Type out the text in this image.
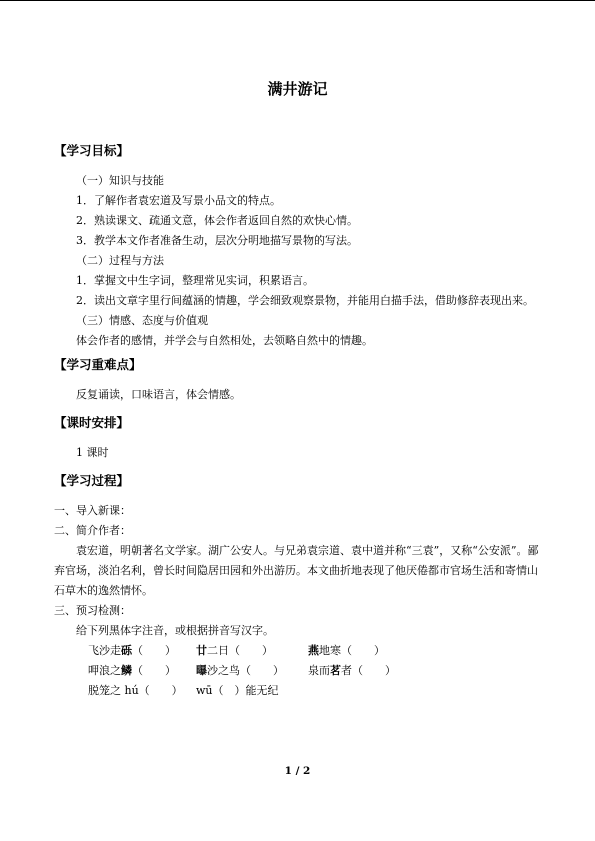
满井游记
【学习目标】
（一）知识与技能
1．了解作者袁宏道及写景小品文的特点。
2．熟读课文、疏通文意，体会作者返回自然的欢快心情。
3．教学本文作者准备生动，层次分明地描写景物的写法。
（二）过程与方法
1．掌握文中生字词，整理常见实词，积累语言。
2．读出文章字里行间蕴涵的情趣，学会细致观察景物，并能用白描手法，借助修辞表现出来。
（三）情感、态度与价值观
体会作者的感情，并学会与自然相处，去领略自然中的情趣。
【学习重难点】
反复诵读，口味语言，体会情感。
【课时安排】
1 课时
【学习过程】
一、导入新课：
二、简介作者：
袁宏道，明朝著名文学家。湖广公安人。与兄弟袁宗道、袁中道并称“三袁”，又称“公安派”。鄙弃官场，淡泊名利，曾长时间隐居田园和外出游历。本文曲折地表现了他厌倦都市官场生活和寄情山石草木的逸然情怀。
三、预习检测：
给下列黑体字注音，或根据拼音写汉字。
飞沙走砾（　　）	廿二日（　　）	燕地寒（　　）
呷浪之鳞（　　）	曝沙之鸟（　　）	泉而茗者（　　）
脱笼之 hú（　　）	wū（　）能无纪
1 / 2
